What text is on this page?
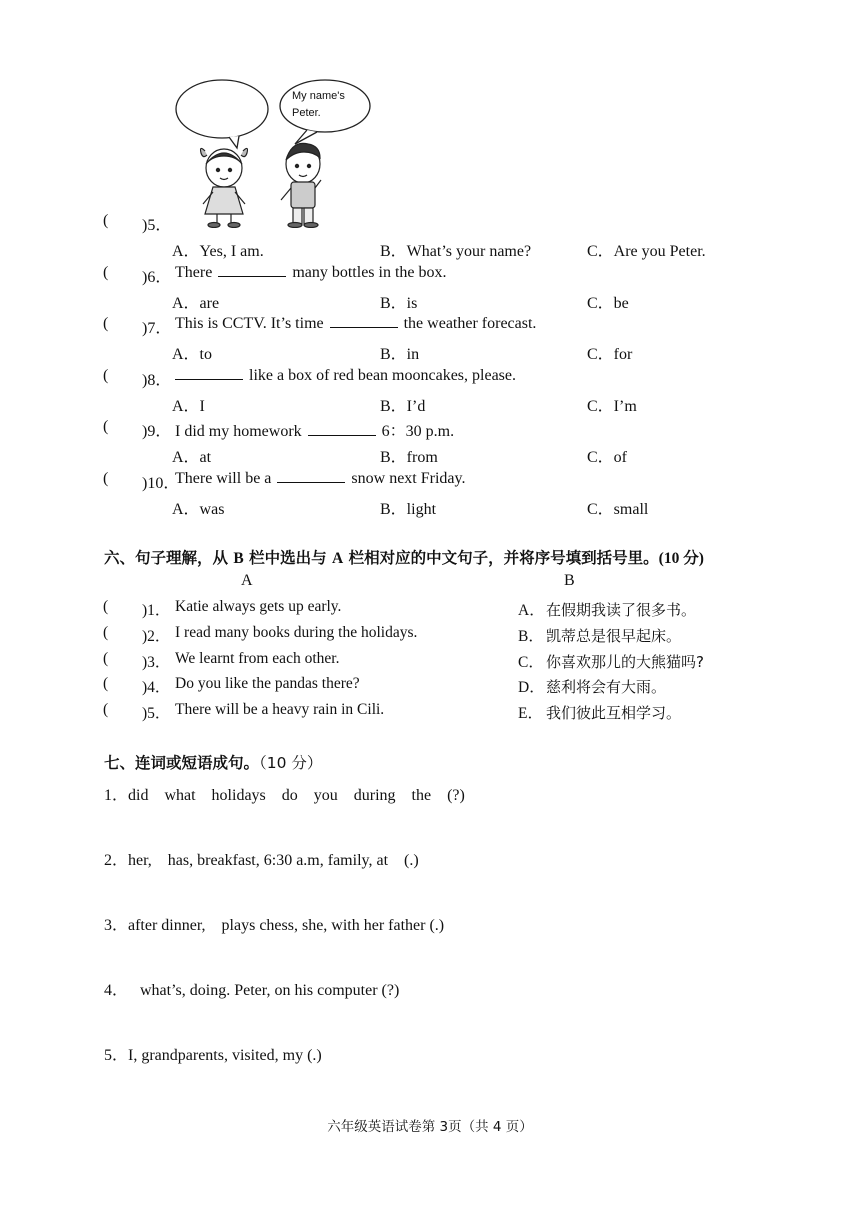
My name's
Peter.
( )5．
A．Yes, I am.	B．What’s your name?	C．Are you Peter.
( )6． There	many bottles in the box.
A．are	B．is	C．be
( )7． This is CCTV. It’s time	the weather forecast.
A．to	B．in	C．for
( )8．	like a box of red bean mooncakes, please.
A．I	B．I’d	C．I’m
( )9． I did my homework	6：30 p.m.
A．at	B．from	C．of
( )10．
There will be a	snow next Friday.
A．was	B．light	C．small
六、句子理解，从 B 栏中选出与 A 栏相对应的中文句子，并将序号填到括号里。(10 分)
A	B
( )1． Katie always gets up early.
( )2． I read many books during the holidays.
( )3． We learnt from each other.
( )4． Do you like the pandas there?
( )5． There will be a heavy rain in Cili.
A． 在假期我读了很多书。
B． 凯蒂总是很早起床。
C． 你喜欢那儿的大熊猫吗?
D． 慈利将会有大雨。
E． 我们彼此互相学习。
七、连词或短语成句。（10 分）
1．did    what    holidays    do    you    during    the    (?)
2．her,    has, breakfast, 6:30 a.m, family, at    (.)
3．after dinner,    plays chess, she, with her father (.)
4．   what’s, doing. Peter, on his computer (?)
5．I, grandparents, visited, my (.)
六年级英语试卷第 3页（共 4 页）
